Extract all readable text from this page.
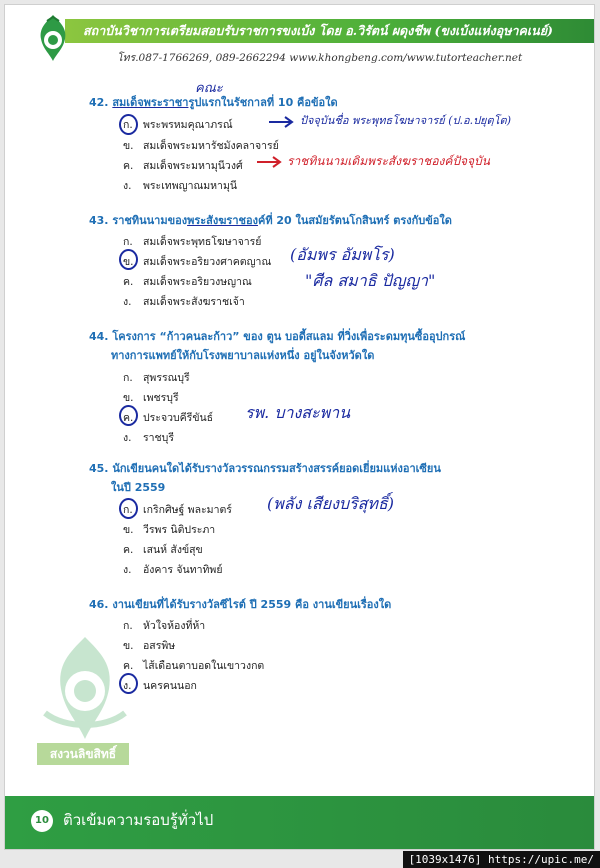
สถาบันวิชาการเตรียมสอบรับราชการขงเบ้ง โดย อ.วิรัตน์ ผดุงชีพ (ขงเบ้งแห่งอุษาคเนย์)
โทร.087-1766269, 089-2662294 www.khongbeng.com/www.tutorteacher.net
42. สมเด็จพระราชารูปแรกในรัชกาลที่ 10 คือข้อใด
คณะ
ก. พระพรหมคุณาภรณ์
ข. สมเด็จพระมหารัชมังคลาจารย์
ค. สมเด็จพระมหามุนีวงศ์
ง. พระเทพญาณมหามุนี
ปัจจุบันชื่อ พระพุทธโฆษาจารย์ (ป.อ.ปยุตฺโต)
ราชทินนามเดิมพระสังฆราชองค์ปัจจุบัน
43. ราชทินนามของพระสังฆราชองค์ที่ 20 ในสมัยรัตนโกสินทร์ ตรงกับข้อใด
ก. สมเด็จพระพุทธโฆษาจารย์
ข. สมเด็จพระอริยวงศาคตญาณ
ค. สมเด็จพระอริยวงษญาณ
ง. สมเด็จพระสังฆราชเจ้า
(อัมพร อัมพโร)
"ศีล สมาธิ ปัญญา"
44. โครงการ “ก้าวคนละก้าว” ของ ตูน บอดี้สแลม ที่วิ่งเพื่อระดมทุนซื้ออุปกรณ์
ทางการแพทย์ให้กับโรงพยาบาลแห่งหนึ่ง อยู่ในจังหวัดใด
ก. สุพรรณบุรี
ข. เพชรบุรี
ค. ประจวบคีรีขันธ์
ง. ราชบุรี
รพ. บางสะพาน
45. นักเขียนคนใดได้รับรางวัลวรรณกรรมสร้างสรรค์ยอดเยี่ยมแห่งอาเซียน
ในปี 2559
ก. เกริกศิษฐ์ พละมาตร์
ข. วีรพร นิติประภา
ค. เสนห์ สังข์สุข
ง. อังคาร จันทาทิพย์
(พลัง เสียงบริสุทธิ์)
46. งานเขียนที่ได้รับรางวัลซีไรต์ ปี 2559 คือ งานเขียนเรื่องใด
ก. หัวใจห้องที่ห้า
ข. อสรพิษ
ค. ไส้เดือนตาบอดในเขาวงกต
ง. นครคนนอก
สงวนลิขสิทธิ์
10 ติวเข้มความรอบรู้ทั่วไป
[1039x1476] https://upic.me/
